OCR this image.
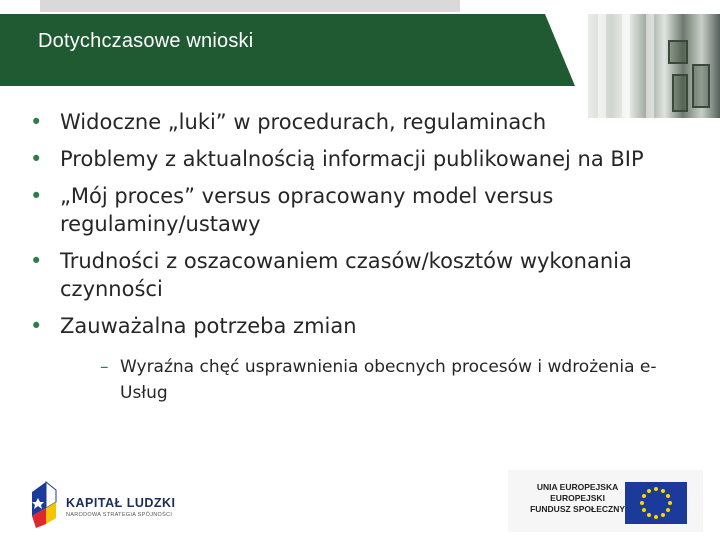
Dotychczasowe wnioski
• Widoczne „luki” w procedurach, regulaminach
• Problemy z aktualnością informacji publikowanej na BIP
• „Mój proces” versus opracowany model versus regulaminy/ustawy
• Trudności z oszacowaniem czasów/kosztów wykonania czynności
• Zauważalna potrzeba zmian
– Wyraźna chęć usprawnienia obecnych procesów i wdrożenia e-Usług
KAPITAŁ LUDZKI
NARODOWA STRATEGIA SPÓJNOŚCI
UNIA EUROPEJSKA
EUROPEJSKI
FUNDUSZ SPOŁECZNY
